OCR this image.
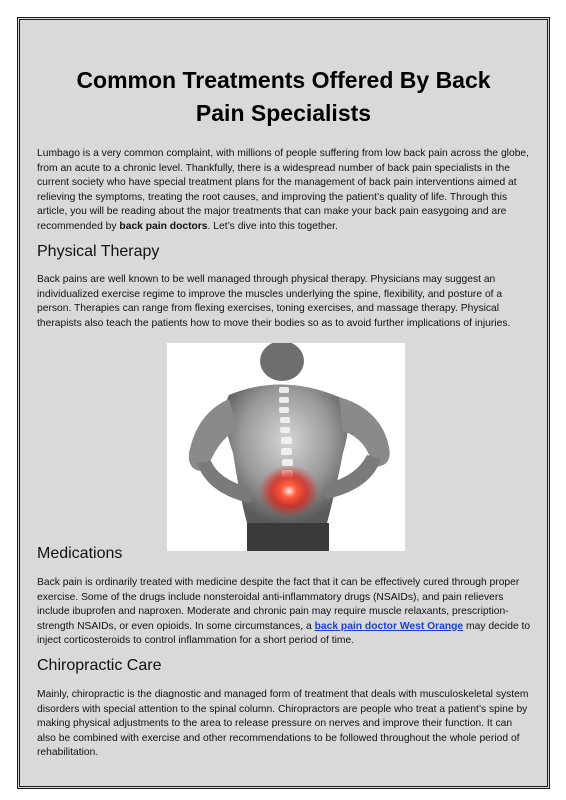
Common Treatments Offered By Back
Pain Specialists

Lumbago is a very common complaint, with millions of people suffering from low back pain across the globe, from an acute to a chronic level. Thankfully, there is a widespread number of back pain specialists in the current society who have special treatment plans for the management of back pain interventions aimed at relieving the symptoms, treating the root causes, and improving the patient’s quality of life. Through this article, you will be reading about the major treatments that can make your back pain easygoing and are recommended by back pain doctors. Let’s dive into this together.

Physical Therapy

Back pains are well known to be well managed through physical therapy. Physicians may suggest an individualized exercise regime to improve the muscles underlying the spine, flexibility, and posture of a person. Therapies can range from flexing exercises, toning exercises, and massage therapy. Physical therapists also teach the patients how to move their bodies so as to avoid further implications of injuries.

Medications

Back pain is ordinarily treated with medicine despite the fact that it can be effectively cured through proper exercise. Some of the drugs include nonsteroidal anti-inflammatory drugs (NSAIDs), and pain relievers include ibuprofen and naproxen. Moderate and chronic pain may require muscle relaxants, prescription-strength NSAIDs, or even opioids. In some circumstances, a back pain doctor West Orange may decide to inject corticosteroids to control inflammation for a short period of time.

Chiropractic Care

Mainly, chiropractic is the diagnostic and managed form of treatment that deals with musculoskeletal system disorders with special attention to the spinal column. Chiropractors are people who treat a patient’s spine by making physical adjustments to the area to release pressure on nerves and improve their function. It can also be combined with exercise and other recommendations to be followed throughout the whole period of rehabilitation.
